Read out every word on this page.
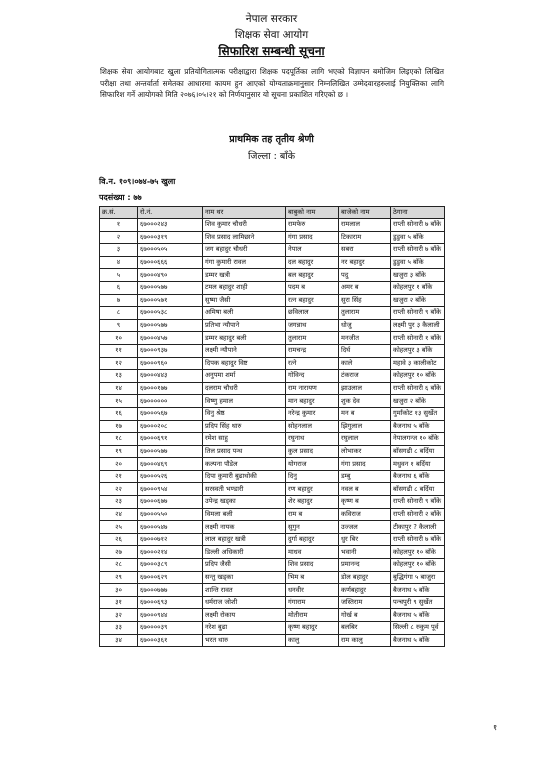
नेपाल सरकार
शिक्षक सेवा आयोग
सिफारिश सम्बन्धी सूचना
शिक्षक सेवा आयोगबाट खुला प्रतियोगितात्मक परीक्षाद्वारा शिक्षक पदपूर्तिका लागि भएको विज्ञापन बमोजिम लिइएको लिखित परीक्षा तथा अन्तर्वार्ता समेतका आधारमा कायम हुन आएको योग्यताक्रमानुसार निम्नलिखित उम्मेदवारहरुलाई नियुक्तिका लागि सिफारिश गर्ने आयोगको मिति २०७६।०५।२१ को निर्णयानुसार यो सूचना प्रकाशित गरिएको छ ।
प्राथमिक तह तृतीय श्रेणी
जिल्ला : बाँके
वि.न. १०९।०७४-७५ खुला
पदसंख्या : ७७
क्र.सं.	रो.नं.	नाम थर	बाबुको नाम	बाजेको नाम	ठेगाना
१	६७०००२४३	शिव कुमार चौधरी	रामफेरु	रामलाल	राप्ती सोनारी ७ बाँके
२	६७०००३१९	शिव प्रसाद लामिछाने	गंगा प्रसाद	टिकाराम	डुडुवा ५ बाँके
३	६७०००५०५	जग बहादुर चौधरी	नेपाल	सबरा	राप्ती सोनारी ७ बाँके
४	६७०००६६६	गंगा कुमारी रावल	दल बहादुर	नर बहादुर	डुडुवा ५ बाँके
५	६७०००४९०	डम्मर खत्री	बल बहादुर	पदु	खजुरा ३ बाँके
६	६७०००५७७	टमल बहादुर शाही	पदम ब	अमर ब	कोहलपुर १ बाँके
७	६७०००५७१	सुष्मा जैसी	रत्न बहादुर	सुरा सिंह	खजुरा २ बाँके
८	६७०००५३८	अमिषा बली	छविलाल	तुलाराम	राप्ती सोनारी ९ बाँके
९	६७०००५७७	प्रतिभा न्यौपाने	जगन्नाथ	धोजु	लक्ष्मी पुर ३ कैलाली
१०	६७०००४५७	डम्मर बहादुर बली	तुलाराम	मनजीत	राप्ती सोनारी १ बाँके
११	६७०००९३७	लक्ष्मी न्यौपाने	रामचन्द्र	दिर्घ	कोहलपुर ३ बाँके
१२	६७०००९६०	दिपक बहादुर विष्ट	रत्ने	काले	महावे ३ कालीकोट
१३	६७०००४४३	अनुपमा शर्मा	गोविन्द	टंकराज	कोहलपुर १० बाँके
१४	६७०००१७७	दलराम चौधरी	राम नारायण	झाउलाल	राप्ती सोनारी ६ बाँके
१५	६७००००००	विष्णु हमाल	मान बहादुर	शुक देव	खजुरा २ बाँके
१६	६७०००५६७	विनु श्रेष्ठ	नरेन्द्र कुमार	मन ब	गुर्मांकोट १३ सुर्खेत
१७	६७०००२०८	प्रदिप सिंह थारु	सोहनलाल	झिगुलाल	बैजनाथ ५ बाँके
१८	६७०००६९१	रमेश साहु	रघुनाथ	रघुलाल	नेपालगन्ज १० बाँके
१९	६७०००५७७	तिल प्रसाद पन्थ	कुल प्रसाद	लोभाकर	बाँसगढी ८ बर्दिया
२०	६७०००४६९	कल्पना पौडेल	योगराज	गंगा प्रसाद	मधुवन १ बर्दिया
२१	६७०००५२६	दिपा कुमारी बुढाथोकी	दिनु	डम्बु	बैजनाथ ६ बाँके
२२	६७०००९५४	सरस्वती भण्डारी	रण बहादुर	नवल ब	बाँसगढी ८ बर्दिया
२३	६७०००६७७	उपेन्द्र खड्का	शेर बहादुर	कृष्ण ब	राप्ती सोनारी ९ बाँके
२४	६७०००५५०	विमला बली	राम ब	कविराज	राप्ती सोनारी २ बाँके
२५	६७०००५४७	लक्ष्मी नायक	सुगुन	उज्जल	टीकापुर ? कैलाली
२६	६७०००७१२	लाल बहादुर खत्री	दुर्गा बहादुर	धुर बिर	राप्ती सोनारी ७ बाँके
२७	६७०००२१४	डिल्ली अधिकारी	माधव	भवानी	कोहलपुर १० बाँके
२८	६७०००३८९	प्रदिप जैसी	शिव प्रसाद	प्रमानन्द	कोहलपुर १० बाँके
२९	६७०००६२९	सन्तु खड्का	भिम ब	डोल बहादुर	बुद्धिगंगा ५ बाजुरा
३०	६७०००७७७	शान्ति रावत	धनवीर	कर्णबहादुर	बैजनाथ ५ बाँके
३१	६७०००६९३	धर्मराज जोशी	गंगाराम	जस्तिराम	पन्चपुरी ९ सुर्खेत
३२	६७०००९४४	लक्ष्मी रोकाय	मोतीराम	गोर्ख ब	बैजनाथ ५ बाँके
३३	६७००००३९	नरेश बुढा	कृष्ण बहादुर	बलबिर	सिल्ली ८ रुकुम पूर्व
३४	६७०००३६१	भरत थारु	कालु	राम कालु	बैजनाथ ५ बाँके
१
